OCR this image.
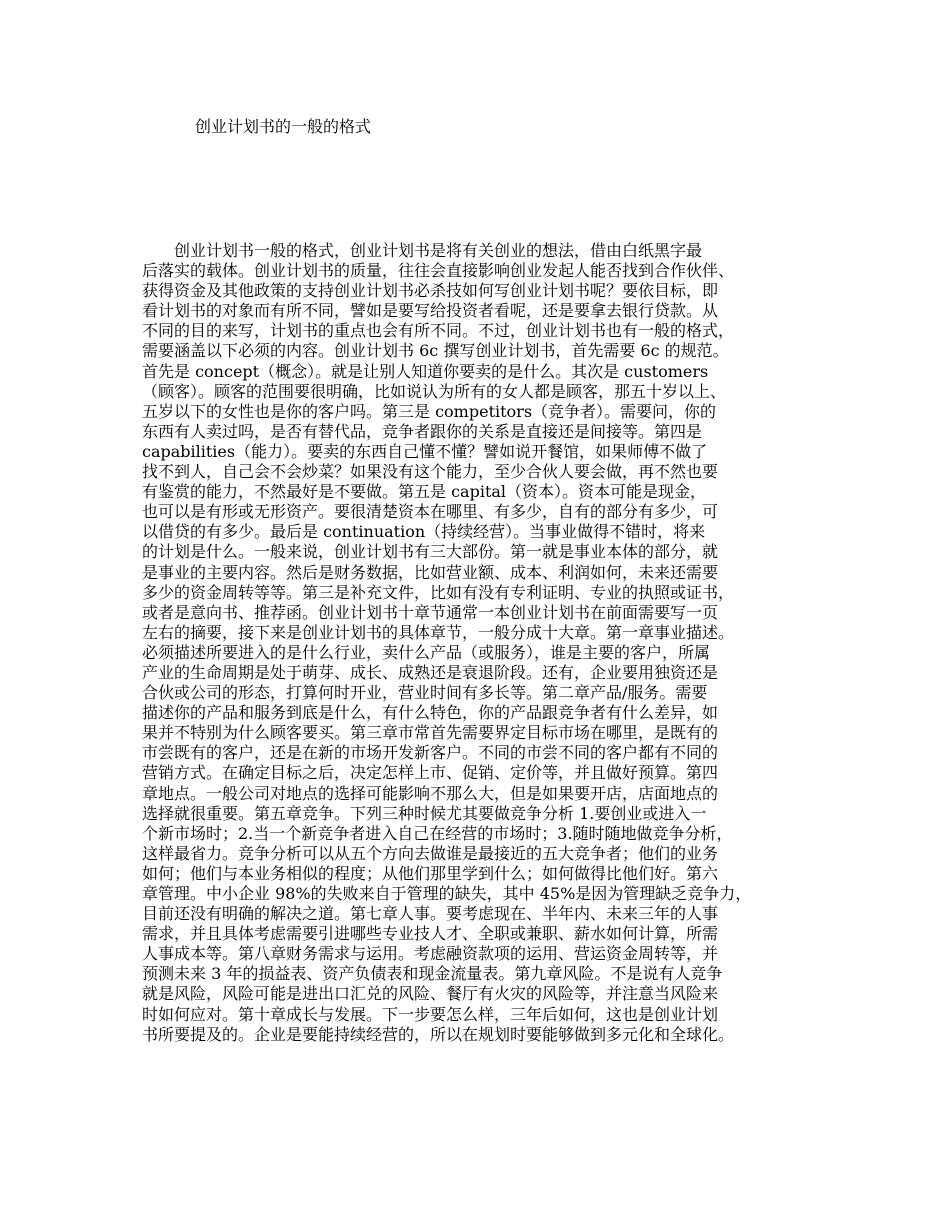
创业计划书的一般的格式
　　创业计划书一般的格式，创业计划书是将有关创业的想法，借由白纸黑字最
后落实的载体。创业计划书的质量，往往会直接影响创业发起人能否找到合作伙伴、
获得资金及其他政策的支持创业计划书必杀技如何写创业计划书呢？要依目标，即
看计划书的对象而有所不同，譬如是要写给投资者看呢，还是要拿去银行贷款。从
不同的目的来写，计划书的重点也会有所不同。不过，创业计划书也有一般的格式，
需要涵盖以下必须的内容。创业计划书 6c 撰写创业计划书，首先需要 6c 的规范。
首先是 concept（概念）。就是让别人知道你要卖的是什么。其次是 customers
（顾客）。顾客的范围要很明确，比如说认为所有的女人都是顾客，那五十岁以上、
五岁以下的女性也是你的客户吗。第三是 competitors（竞争者）。需要问，你的
东西有人卖过吗，是否有替代品，竞争者跟你的关系是直接还是间接等。第四是
capabilities（能力）。要卖的东西自己懂不懂？譬如说开餐馆，如果师傅不做了
找不到人，自己会不会炒菜？如果没有这个能力，至少合伙人要会做，再不然也要
有鉴赏的能力，不然最好是不要做。第五是 capital（资本）。资本可能是现金，
也可以是有形或无形资产。要很清楚资本在哪里、有多少，自有的部分有多少，可
以借贷的有多少。最后是 continuation（持续经营）。当事业做得不错时，将来
的计划是什么。一般来说，创业计划书有三大部份。第一就是事业本体的部分，就
是事业的主要内容。然后是财务数据，比如营业额、成本、利润如何，未来还需要
多少的资金周转等等。第三是补充文件，比如有没有专利证明、专业的执照或证书，
或者是意向书、推荐函。创业计划书十章节通常一本创业计划书在前面需要写一页
左右的摘要，接下来是创业计划书的具体章节，一般分成十大章。第一章事业描述。
必须描述所要进入的是什么行业，卖什么产品（或服务），谁是主要的客户，所属
产业的生命周期是处于萌芽、成长、成熟还是衰退阶段。还有，企业要用独资还是
合伙或公司的形态，打算何时开业，营业时间有多长等。第二章产品/服务。需要
描述你的产品和服务到底是什么，有什么特色，你的产品跟竞争者有什么差异，如
果并不特别为什么顾客要买。第三章市常首先需要界定目标市场在哪里，是既有的
市尝既有的客户，还是在新的市场开发新客户。不同的市尝不同的客户都有不同的
营销方式。在确定目标之后，决定怎样上市、促销、定价等，并且做好预算。第四
章地点。一般公司对地点的选择可能影响不那么大，但是如果要开店，店面地点的
选择就很重要。第五章竞争。下列三种时候尤其要做竞争分析 1.要创业或进入一
个新市场时；2.当一个新竞争者进入自己在经营的市场时；3.随时随地做竞争分析，
这样最省力。竞争分析可以从五个方向去做谁是最接近的五大竞争者；他们的业务
如何；他们与本业务相似的程度；从他们那里学到什么；如何做得比他们好。第六
章管理。中小企业 98%的失败来自于管理的缺失，其中 45%是因为管理缺乏竞争力，
目前还没有明确的解决之道。第七章人事。要考虑现在、半年内、未来三年的人事
需求，并且具体考虑需要引进哪些专业技人才、全职或兼职、薪水如何计算，所需
人事成本等。第八章财务需求与运用。考虑融资款项的运用、营运资金周转等，并
预测未来 3 年的损益表、资产负债表和现金流量表。第九章风险。不是说有人竞争
就是风险，风险可能是进出口汇兑的风险、餐厅有火灾的风险等，并注意当风险来
时如何应对。第十章成长与发展。下一步要怎么样，三年后如何，这也是创业计划
书所要提及的。企业是要能持续经营的，所以在规划时要能够做到多元化和全球化。
